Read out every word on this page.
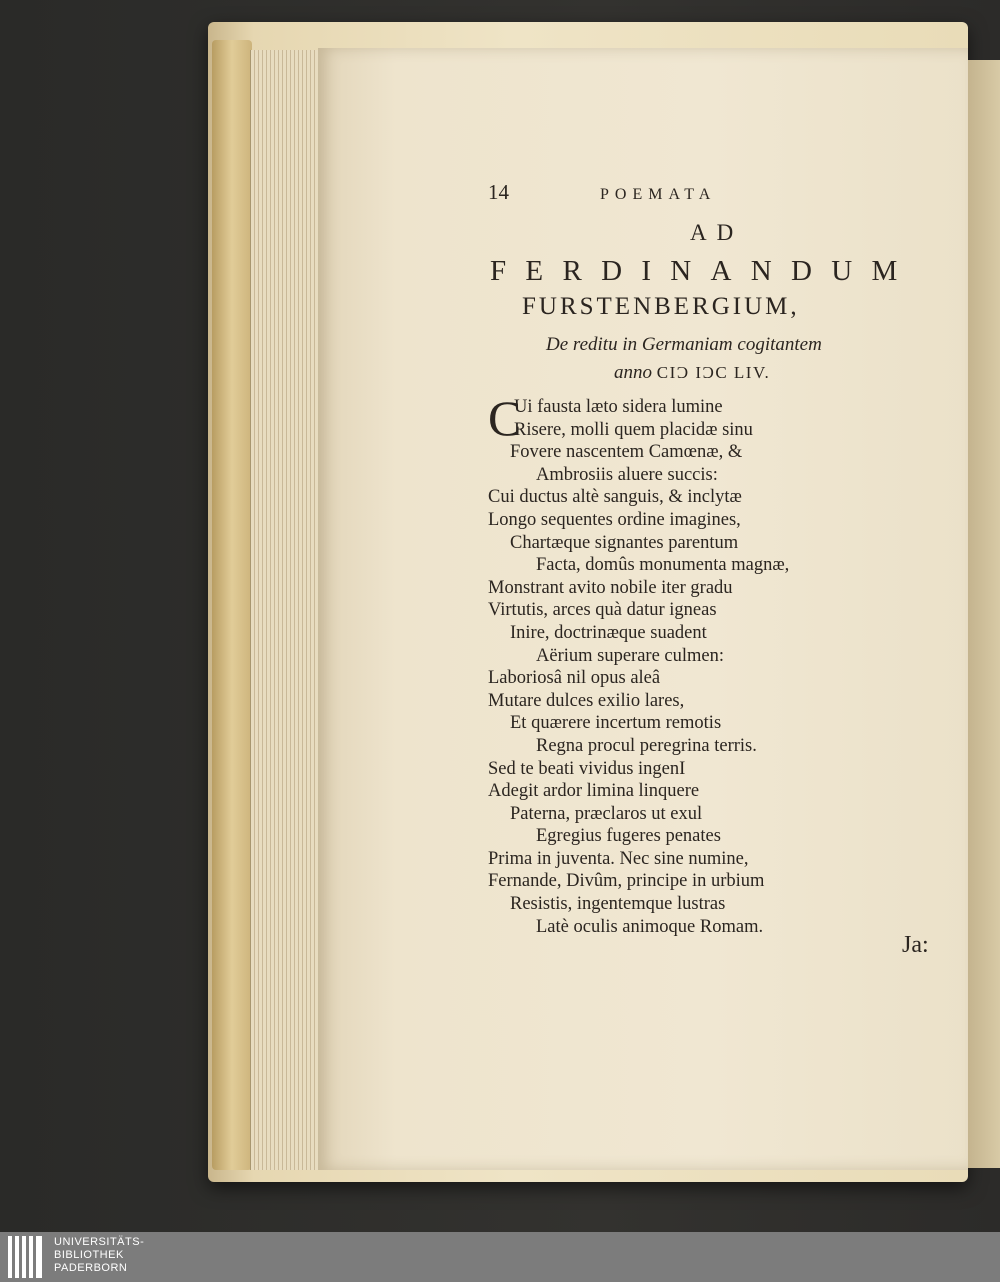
14	POEMATA
AD
FERDINANDUM
FURSTENBERGIUM,
De reditu in Germaniam cogitantem
anno CIƆ IƆC LIV.
C
Ui fausta læto sidera lumine
Risere, molli quem placidæ sinu
Fovere nascentem Camœnæ, &
Ambrosiis aluere succis:
Cui ductus altè sanguis, & inclytæ
Longo sequentes ordine imagines,
Chartæque signantes parentum
Facta, domûs monumenta magnæ,
Monstrant avito nobile iter gradu
Virtutis, arces quà datur igneas
Inire, doctrinæque suadent
Aërium superare culmen:
Laboriosâ nil opus aleâ
Mutare dulces exilio lares,
Et quærere incertum remotis
Regna procul peregrina terris.
Sed te beati vividus ingenI
Adegit ardor limina linquere
Paterna, præclaros ut exul
Egregius fugeres penates
Prima in juventa. Nec sine numine,
Fernande, Divûm, principe in urbium
Resistis, ingentemque lustras
Latè oculis animoque Romam.
Ja:
UNIVERSITÄTS-
BIBLIOTHEK
PADERBORN
